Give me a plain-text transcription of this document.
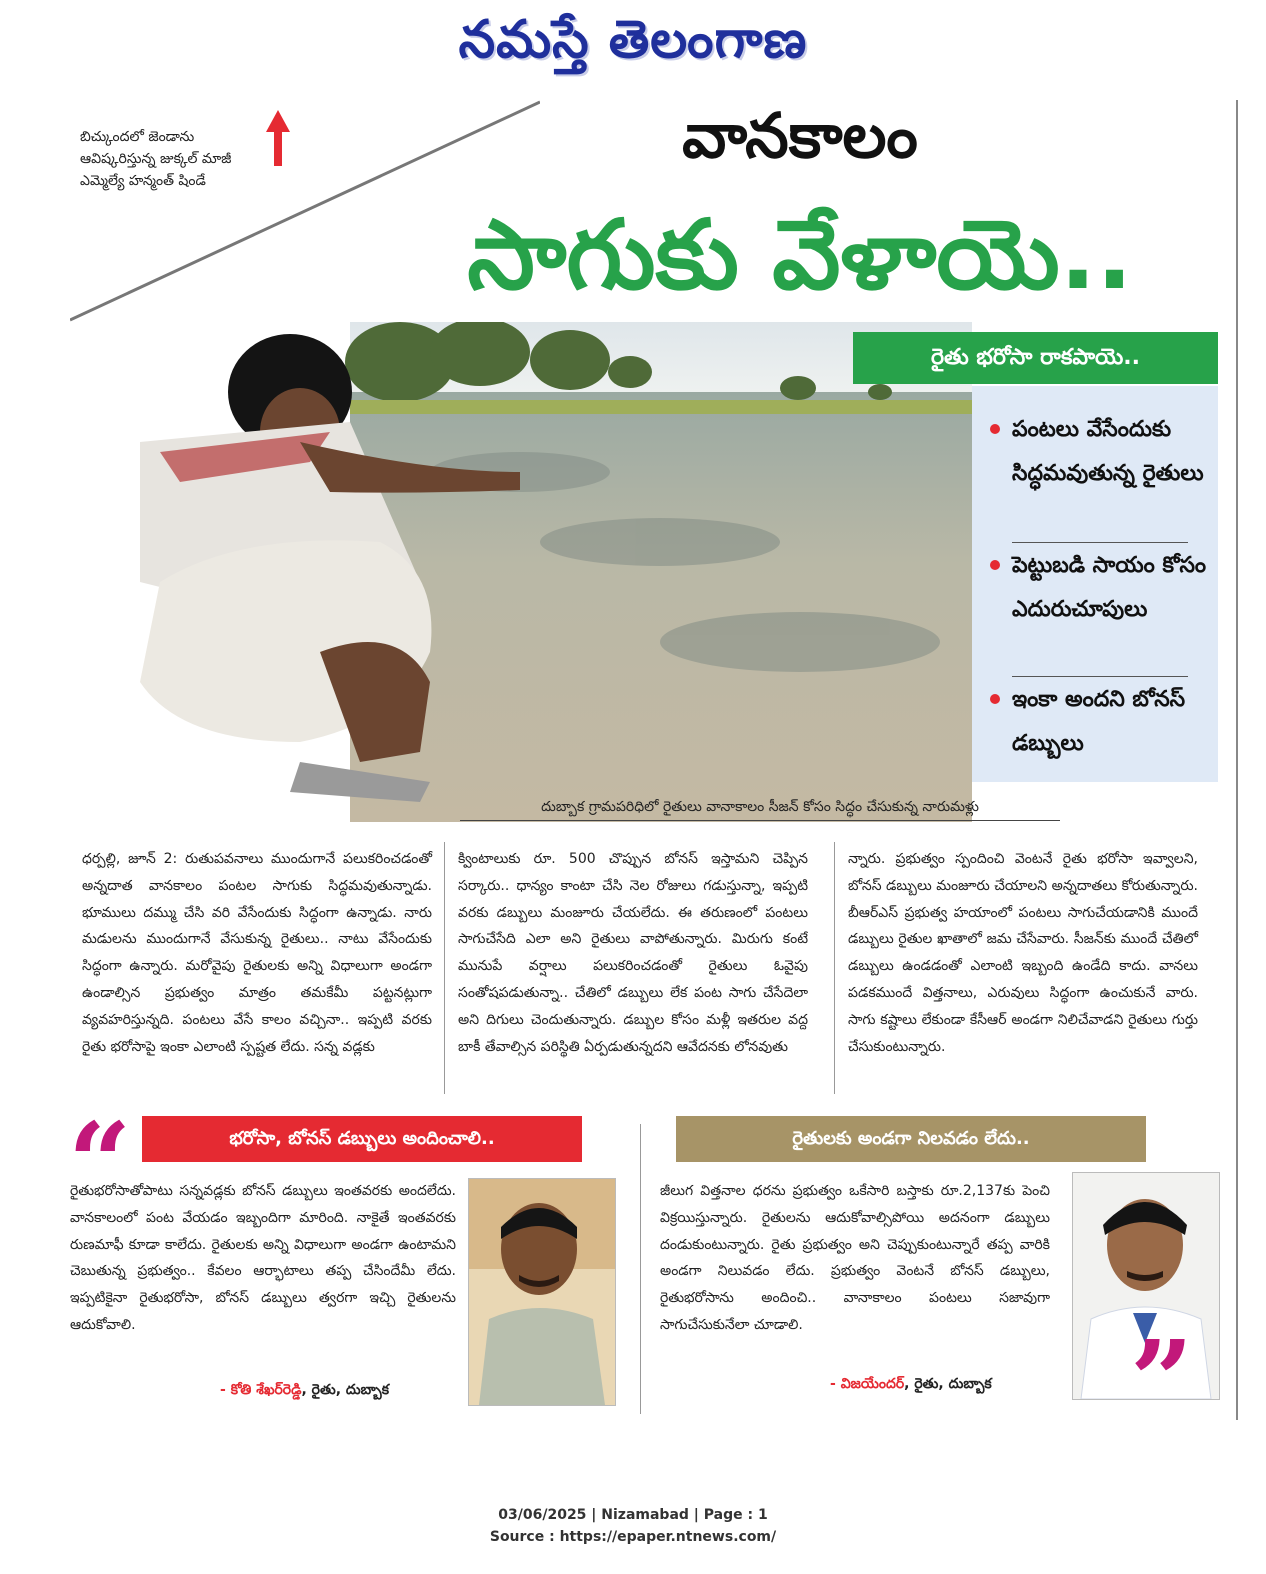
నమస్తే తెలంగాణ
బిచ్కుందలో జెండాను ఆవిష్కరిస్తున్న జుక్కల్ మాజీ ఎమ్మెల్యే హన్మంత్ షిండే
వానకాలం
సాగుకు వేళాయె..
రైతు భరోసా రాకపాయె..
పంటలు వేసేందుకు సిద్ధమవుతున్న రైతులు
పెట్టుబడి సాయం కోసం ఎదురుచూపులు
ఇంకా అందని బోనస్ డబ్బులు
దుబ్బాక గ్రామపరిధిలో రైతులు వానాకాలం సీజన్ కోసం సిద్ధం చేసుకున్న నారుమళ్లు
ధర్పల్లి, జూన్ 2: రుతుపవనాలు ముందుగానే పలుకరించడంతో అన్నదాత వానకాలం పంటల సాగుకు సిద్ధమవుతున్నాడు. భూములు దమ్ము చేసి వరి వేసేందుకు సిద్ధంగా ఉన్నాడు. నారు మడులను ముందుగానే వేసుకున్న రైతులు.. నాటు వేసేందుకు సిద్ధంగా ఉన్నారు. మరోవైపు రైతులకు అన్ని విధాలుగా అండగా ఉండాల్సిన ప్రభుత్వం మాత్రం తమకేమీ పట్టనట్లుగా వ్యవహరిస్తున్నది. పంటలు వేసే కాలం వచ్చినా.. ఇప్పటి వరకు రైతు భరోసాపై ఇంకా ఎలాంటి స్పష్టత లేదు. సన్న వడ్లకు
క్వింటాలుకు రూ. 500 చొప్పున బోనస్ ఇస్తామని చెప్పిన సర్కారు.. ధాన్యం కాంటా చేసి నెల రోజులు గడుస్తున్నా, ఇప్పటి వరకు డబ్బులు మంజూరు చేయలేదు. ఈ తరుణంలో పంటలు సాగుచేసేది ఎలా అని రైతులు వాపోతున్నారు. మిరుగు కంటే మునుపే వర్షాలు పలుకరించడంతో రైతులు ఓవైపు సంతోషపడుతున్నా.. చేతిలో డబ్బులు లేక పంట సాగు చేసేదెలా అని దిగులు చెందుతున్నారు. డబ్బుల కోసం మళ్లీ ఇతరుల వద్ద బాకీ తేవాల్సిన పరిస్థితి ఏర్పడుతున్నదని ఆవేదనకు లోనవుతు
న్నారు. ప్రభుత్వం స్పందించి వెంటనే రైతు భరోసా ఇవ్వాలని, బోనస్ డబ్బులు మంజూరు చేయాలని అన్నదాతలు కోరుతున్నారు. బీఆర్ఎస్ ప్రభుత్వ హయాంలో పంటలు సాగుచేయడానికి ముందే డబ్బులు రైతుల ఖాతాలో జమ చేసేవారు. సీజన్‌కు ముందే చేతిలో డబ్బులు ఉండడంతో ఎలాంటి ఇబ్బంది ఉండేది కాదు. వానలు పడకముందే విత్తనాలు, ఎరువులు సిద్ధంగా ఉంచుకునే వారు. సాగు కష్టాలు లేకుండా కేసీఆర్ అండగా నిలిచేవాడని రైతులు గుర్తు చేసుకుంటున్నారు.
“	భరోసా, బోనస్ డబ్బులు అందించాలి..
రైతుభరోసాతోపాటు సన్నవడ్లకు బోనస్ డబ్బులు ఇంతవరకు అందలేదు. వానకాలంలో పంట వేయడం ఇబ్బందిగా మారింది. నాకైతే ఇంతవరకు రుణమాఫీ కూడా కాలేదు. రైతులకు అన్ని విధాలుగా అండగా ఉంటామని చెబుతున్న ప్రభుత్వం.. కేవలం ఆర్భాటాలు తప్ప చేసిందేమీ లేదు. ఇప్పటికైనా రైతుభరోసా, బోనస్ డబ్బులు త్వరగా ఇచ్చి రైతులను ఆదుకోవాలి.
- కోతి శేఖర్‌రెడ్డి, రైతు, దుబ్బాక
రైతులకు అండగా నిలవడం లేదు..
జీలుగ విత్తనాల ధరను ప్రభుత్వం ఒకేసారి బస్తాకు రూ.2,137కు పెంచి విక్రయిస్తున్నారు. రైతులను ఆదుకోవాల్సిపోయి అదనంగా డబ్బులు దండుకుంటున్నారు. రైతు ప్రభుత్వం అని చెప్పుకుంటున్నారే తప్ప వారికి అండగా నిలువడం లేదు. ప్రభుత్వం వెంటనే బోనస్ డబ్బులు, రైతుభరోసాను అందించి.. వానాకాలం పంటలు సజావుగా సాగుచేసుకునేలా చూడాలి.	”
- విజయేందర్, రైతు, దుబ్బాక
03/06/2025 | Nizamabad | Page : 1
Source : https://epaper.ntnews.com/
